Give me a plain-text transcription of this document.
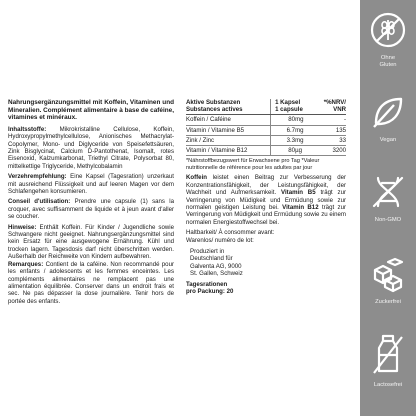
Nahrungsergänzungsmittel mit Koffein, Vitaminen und Mineralien. Complément alimentaire à base de caféine, vitamines et minéraux.
Inhaltsstoffe: Mikrokristalline Cellulose, Koffein, Hydroxypropylmethylcellulose, Anionisches Methacrylat-Copolymer, Mono- und Diglyceride von Speisefettsäuren, Zink Bisglycinat, Calcium D-Pantothenat, Isomalt, rotes Eisenoxid, Kalzumkarbonat, Triethyl Citrate, Polysorbat 80, mittelkettige Triglyceride, Methylcobalamin
Verzehrempfehlung: Eine Kapsel (Tagesration) unzerkaut mit ausreichend Flüssigkeit und auf leeren Magen vor dem Schlafengehen konsumieren.
Conseil d'utilisation: Prendre une capsule (1) sans la croquer, avec suffisamment de liquide et à jeun avant d'aller se coucher.
Hinweise: Enthält Koffein. Für Kinder / Jugendliche sowie Schwangere nicht geeignet. Nahrungsergänzungsmittel sind kein Ersatz für eine ausgewogene Ernährung. Kühl und trocken lagern. Tagesdosis darf nicht überschritten werden. Außerhalb der Reichweite von Kindern aufbewahren.
Remarques: Contient de la caféine. Non recommandé pour les enfants / adolescents et les femmes enceintes. Les compléments alimentaires ne remplacent pas une alimentation équilibrée. Conserver dans un endroit frais et sec. Ne pas dépasser la dose journalière. Tenir hors de portée des enfants.
Aktive Substanzen
Substances actives	1 Kapsel
1 capsule	*%NRV/
VNR
Koffein / Caféine	80mg	-
Vitamin / Vitamine B5	6.7mg	135
Zink / Zinc	3.3mg	33
Vitamin / Vitamine B12	80µg	3200
*Nährstoffbezugswert für Erwachsene pro Tag *Valeur nutritionnelle de référence pour les adultes par jour
Koffein leistet einen Beitrag zur Verbesserung der Konzentrationsfähigkeit, der Leistungsfähigkeit, der Wachheit und Aufmerksamkeit. Vitamin B5 trägt zur Verringerung von Müdigkeit und Ermüdung sowie zur normalen geistigen Leistung bei. Vitamin B12 trägt zur Verringerung von Müdigkeit und Ermüdung sowie zu einem normalen Energiestoffwechsel bei.
Haltbarkeit/ À consommer avant:
Warenlos/ numéro de lot:
Produziert in
Deutschland für
Galventa AG, 9000
St. Gallen, Schweiz
Tagesrationen
pro Packung: 20
Ohne
Gluten
Vegan
Non-GMO
Zuckerfrei
Lactosefrei
